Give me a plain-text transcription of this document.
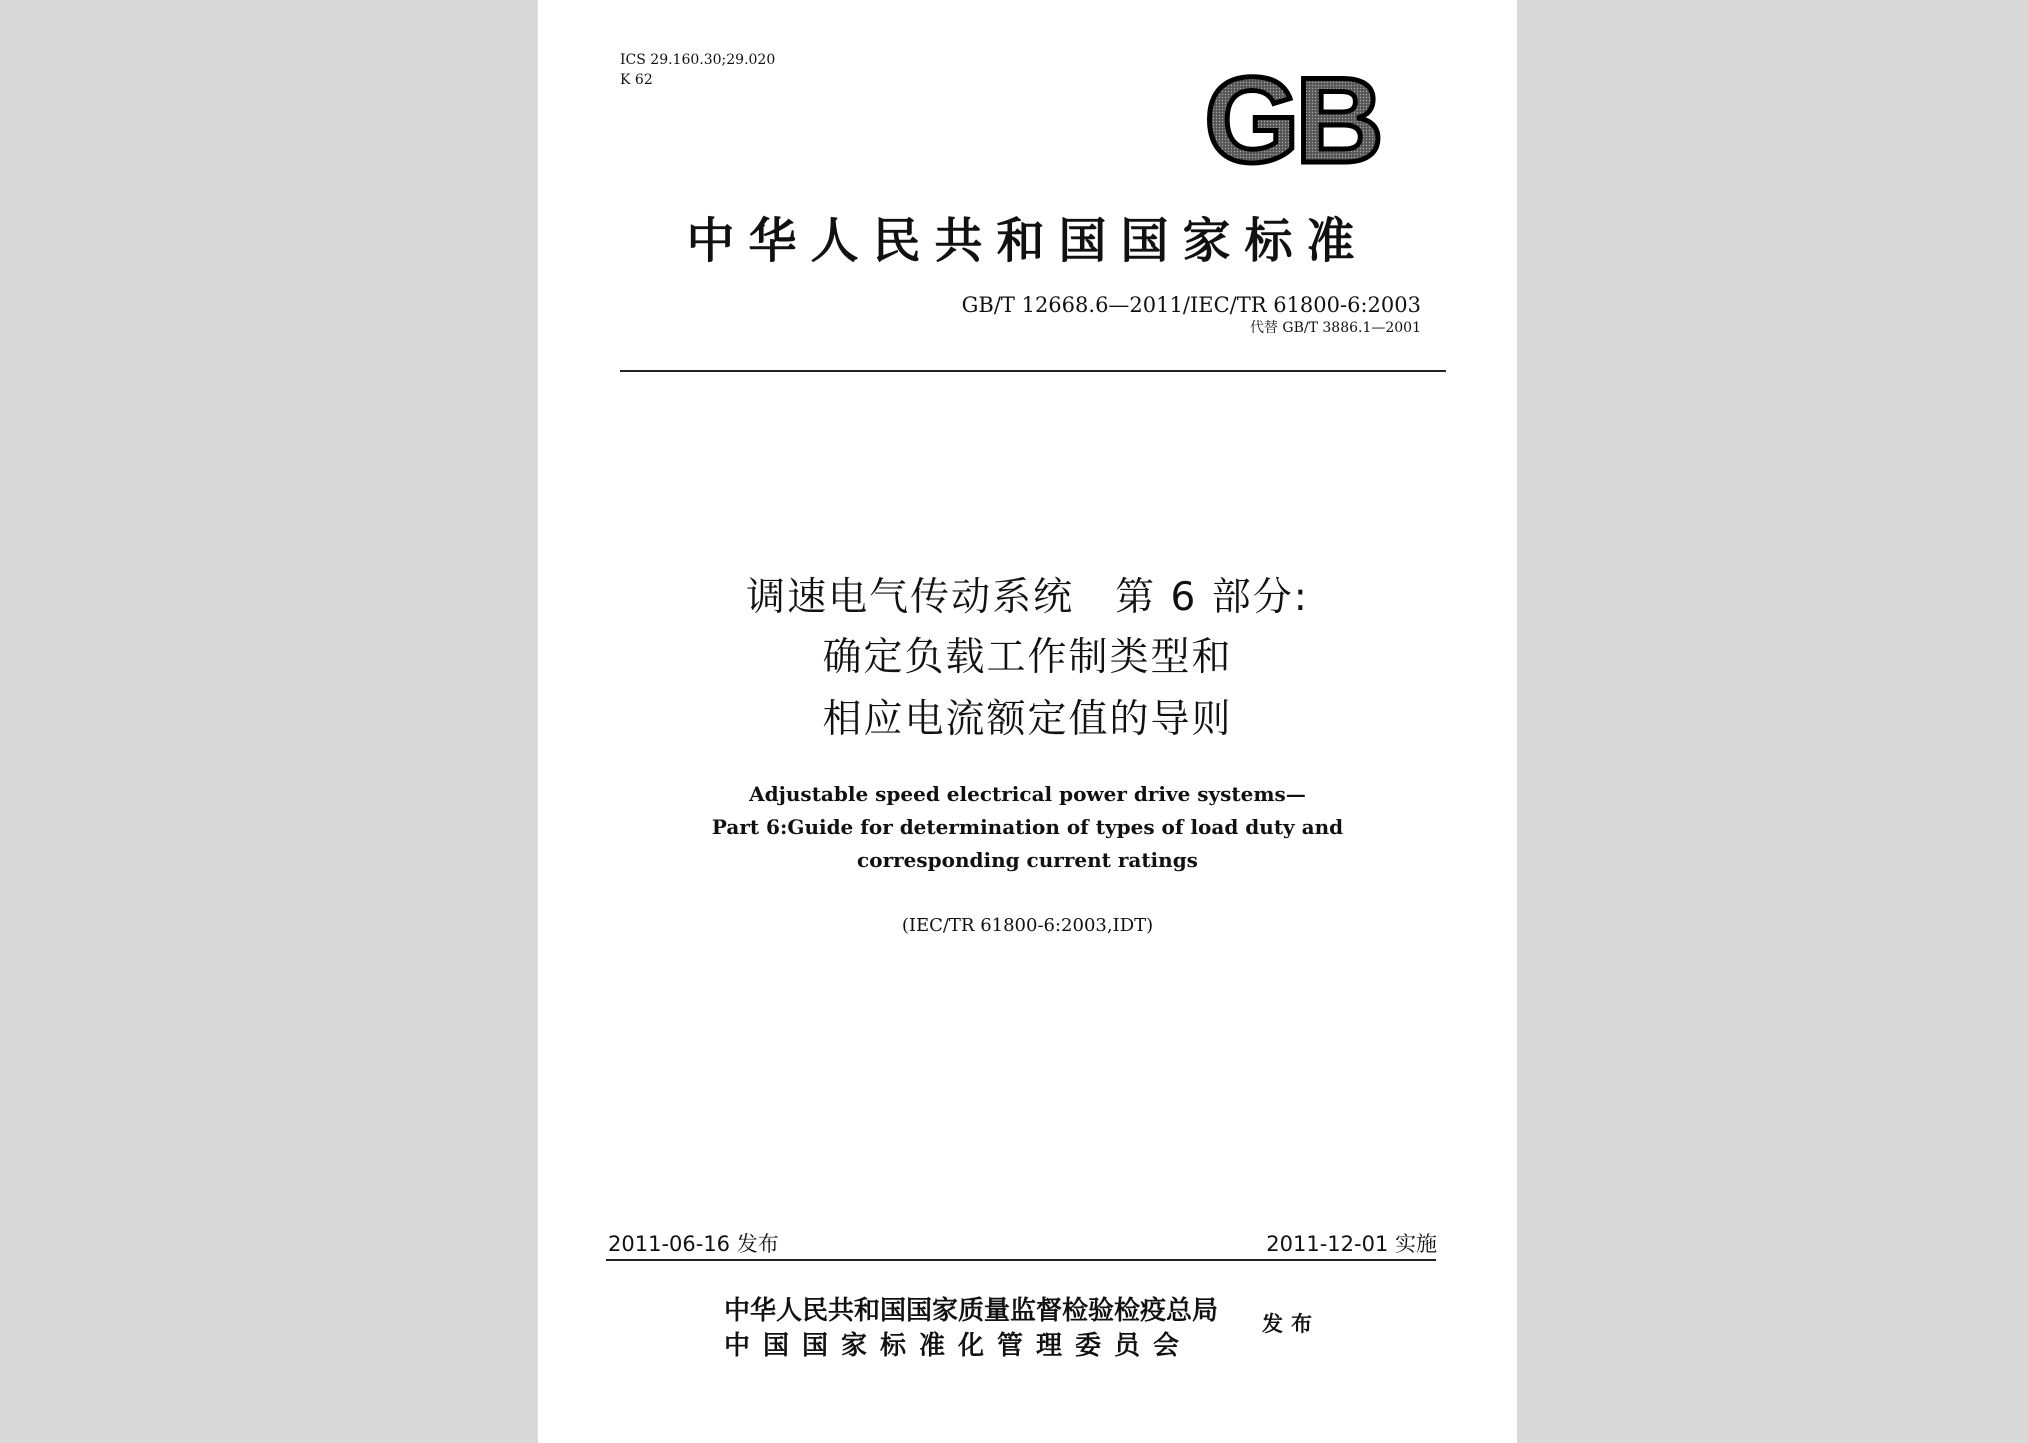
ICS 29.160.30;29.020
K 62	GB
中华人民共和国国家标准
GB/T 12668.6—2011/IEC/TR 61800-6:2003
代替 GB/T 3886.1—2001
调速电气传动系统　第 6 部分:
确定负载工作制类型和
相应电流额定值的导则
Adjustable speed electrical power drive systems—
Part 6:Guide for determination of types of load duty and
corresponding current ratings
(IEC/TR 61800-6:2003,IDT)
2011-06-16 发布	2011-12-01 实施
中华人民共和国国家质量监督检验检疫总局
中国国家标准化管理委员会
发布
